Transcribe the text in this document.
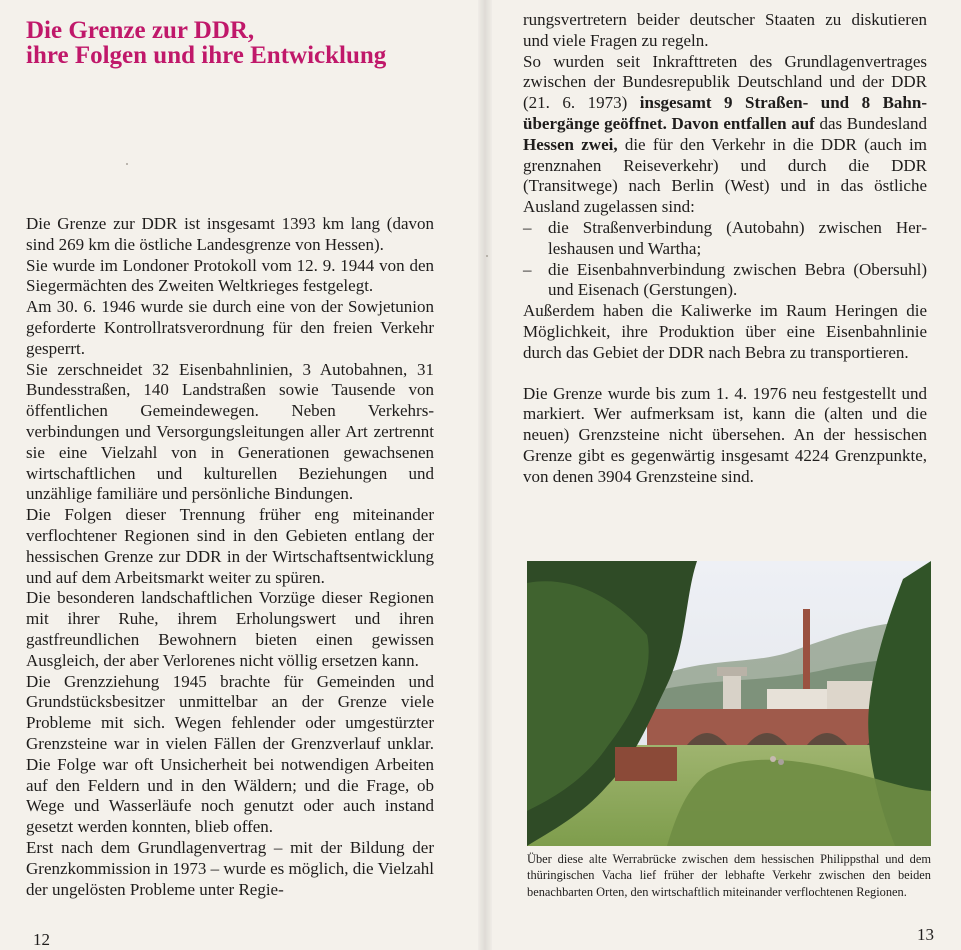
Die Grenze zur DDR,
ihre Folgen und ihre Entwicklung

Die Grenze zur DDR ist insgesamt 1393 km lang (davon sind 269 km die östliche Landesgrenze von Hessen).

Sie wurde im Londoner Protokoll vom 12. 9. 1944 von den Siegermächten des Zweiten Weltkrieges festgelegt.

Am 30. 6. 1946 wurde sie durch eine von der Sowjetunion geforderte Kontrollratsverordnung für den freien Verkehr gesperrt.

Sie zerschneidet 32 Eisenbahnlinien, 3 Autobahnen, 31 Bundesstraßen, 140 Landstraßen sowie Tausende von öffentlichen Gemeindewegen. Neben Verkehrsverbindungen und Versorgungsleitungen aller Art zertrennt sie eine Vielzahl von in Generationen gewachsenen wirtschaftlichen und kulturellen Beziehungen und unzählige familiäre und persönliche Bindungen.

Die Folgen dieser Trennung früher eng miteinander verflochtener Regionen sind in den Gebieten entlang der hessischen Grenze zur DDR in der Wirtschaftsentwicklung und auf dem Arbeitsmarkt weiter zu spüren.

Die besonderen landschaftlichen Vorzüge dieser Regionen mit ihrer Ruhe, ihrem Erholungswert und ihren gastfreundlichen Bewohnern bieten einen gewissen Ausgleich, der aber Verlorenes nicht völlig ersetzen kann.

Die Grenzziehung 1945 brachte für Gemeinden und Grundstücksbesitzer unmittelbar an der Grenze viele Probleme mit sich. Wegen fehlender oder umgestürzter Grenzsteine war in vielen Fällen der Grenzverlauf unklar. Die Folge war oft Unsicherheit bei notwendigen Arbeiten auf den Feldern und in den Wäldern; und die Frage, ob Wege und Wasserläufe noch genutzt oder auch instand gesetzt werden konnten, blieb offen.

Erst nach dem Grundlagenvertrag – mit der Bildung der Grenzkommission in 1973 – wurde es möglich, die Vielzahl der ungelösten Probleme unter Regie-

12

rungsvertretern beider deutscher Staaten zu diskutieren und viele Fragen zu regeln.

So wurden seit Inkrafttreten des Grundlagenvertrages zwischen der Bundesrepublik Deutschland und der DDR (21. 6. 1973) insgesamt 9 Straßen- und 8 Bahnübergänge geöffnet. Davon entfallen auf das Bundesland Hessen zwei, die für den Verkehr in die DDR (auch im grenznahen Reiseverkehr) und durch die DDR (Transitwege) nach Berlin (West) und in das östliche Ausland zugelassen sind:

– die Straßenverbindung (Autobahn) zwischen Herleshausen und Wartha;
– die Eisenbahnverbindung zwischen Bebra (Obersuhl) und Eisenach (Gerstungen).

Außerdem haben die Kaliwerke im Raum Heringen die Möglichkeit, ihre Produktion über eine Eisenbahnlinie durch das Gebiet der DDR nach Bebra zu transportieren.

Die Grenze wurde bis zum 1. 4. 1976 neu festgestellt und markiert. Wer aufmerksam ist, kann die (alten und die neuen) Grenzsteine nicht übersehen. An der hessischen Grenze gibt es gegenwärtig insgesamt 4224 Grenzpunkte, von denen 3904 Grenzsteine sind.

Über diese alte Werrabrücke zwischen dem hessischen Philippsthal und dem thüringischen Vacha lief früher der lebhafte Verkehr zwischen den beiden benachbarten Orten, den wirtschaftlich miteinander verflochtenen Regionen.

13
